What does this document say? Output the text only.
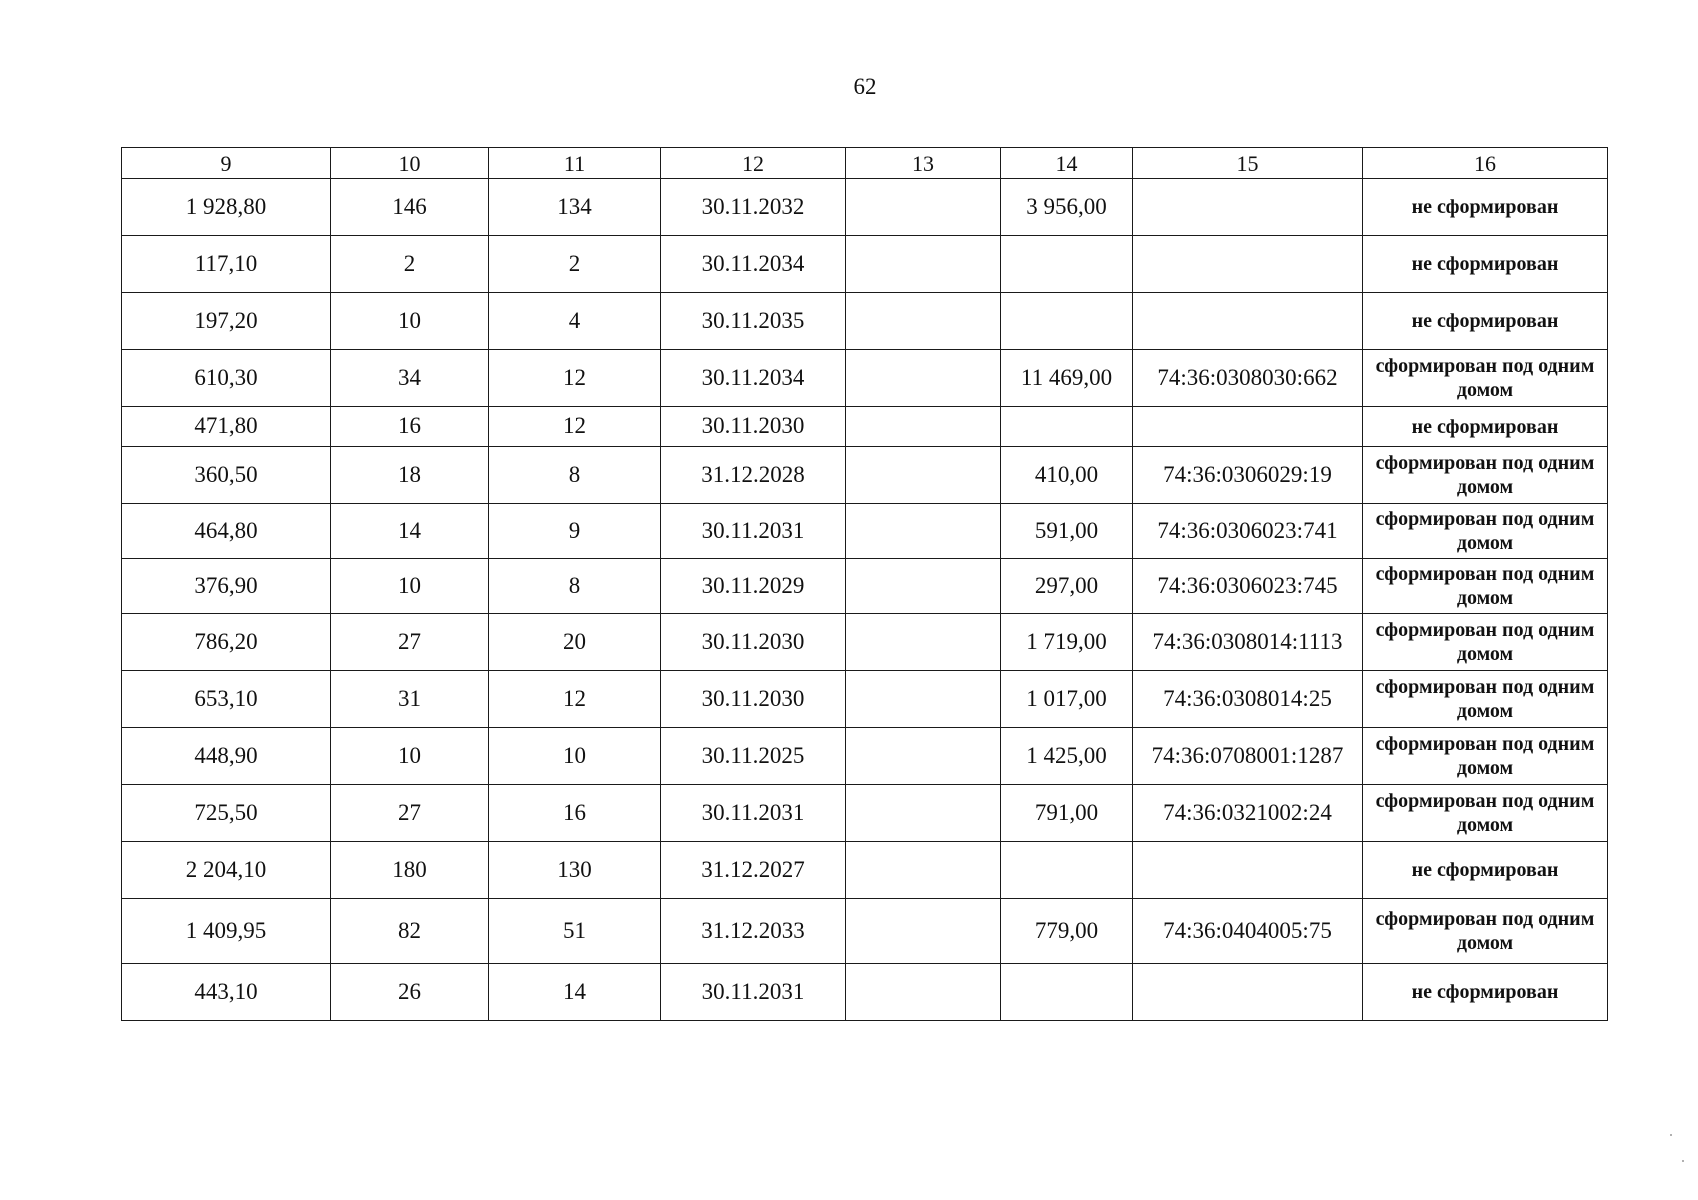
62
9	10	11	12	13	14	15	16
1 928,80	146	134	30.11.2032		3 956,00		не сформирован
117,10	2	2	30.11.2034				не сформирован
197,20	10	4	30.11.2035				не сформирован
610,30	34	12	30.11.2034		11 469,00	74:36:0308030:662	сформирован под одним домом
471,80	16	12	30.11.2030				не сформирован
360,50	18	8	31.12.2028		410,00	74:36:0306029:19	сформирован под одним домом
464,80	14	9	30.11.2031		591,00	74:36:0306023:741	сформирован под одним домом
376,90	10	8	30.11.2029		297,00	74:36:0306023:745	сформирован под одним домом
786,20	27	20	30.11.2030		1 719,00	74:36:0308014:1113	сформирован под одним домом
653,10	31	12	30.11.2030		1 017,00	74:36:0308014:25	сформирован под одним домом
448,90	10	10	30.11.2025		1 425,00	74:36:0708001:1287	сформирован под одним домом
725,50	27	16	30.11.2031		791,00	74:36:0321002:24	сформирован под одним домом
2 204,10	180	130	31.12.2027				не сформирован
1 409,95	82	51	31.12.2033		779,00	74:36:0404005:75	сформирован под одним домом
443,10	26	14	30.11.2031				не сформирован
